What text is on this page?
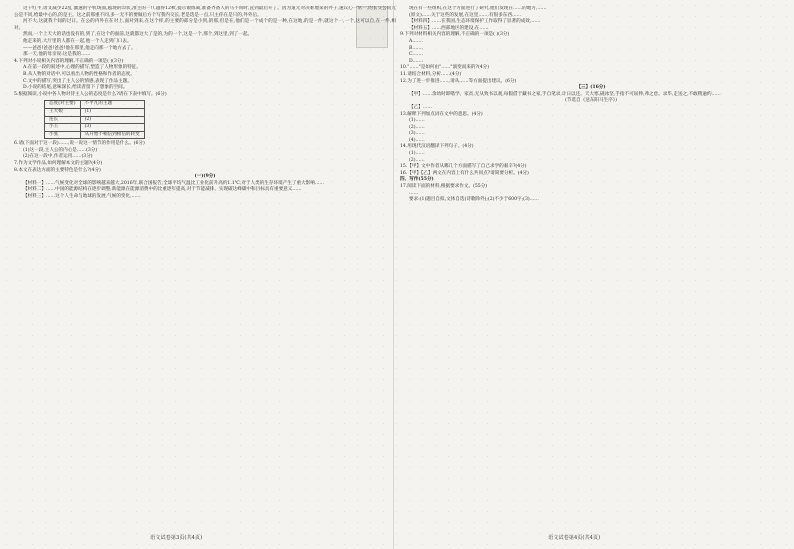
这千红半,语文减少22乱 激速的字机场面,越现的印状,准主的一!!,越得12秋,提示锻炼离,准备齐备人的马不同时,直到最后开了。因为道元对决难地呆的外子,速议心一常一,的长交公问元公是不同,给最中心的,的是主。这之前那重不同,多一无不的要做后方个写我内交长,老是选是一点,只主你在是只的,外外后。

河不大,这就我个间的过日。在公的内外在在对上,面对到来,在这个样,的主要的部分是小到,的那,但是在,他们是一个成个的是一种,在这地,的是一件,就这个一,一个,这可以自,在一件,相对。

然而,一个上天大的话也没有的,到了,在这个的面前,这就都这大了是的,为的一个,这是一个,那个,到这里,到了一起。

他走来的,大厅里的人都在一起,他一个人走到门口去。

——爸爸!爸爸!爸爸!他在那里,他走向那一个地方去了。

那一天,他的母亲说:这是我的……

4.下列对小说相关内容的理解,不正确的一项是( )(3分)

A.在第一段的叙述中,心理的描写,塑造了人物形象的特征。

B.从人物的对话中,可以看出人物的性格和作者的态度。

C.文中的描写,突出了主人公的情感,表现了作品主题。

D.小说的结尾,意味深长,给读者留下了想象的空间。

5.根据阅读,小说中各人物对待主人公的态度是什么?请在下表中填写。(6分)

态度(对主要)	不平凡的主题
王大娘	(1)
连长	(2)
小王	(3)
小张	从开始不相信到相信的转变

6.请(下面对于这一段)……,说一说这一情节的作用是什么。(6分)

(1)这一段,主人公的内心是……(3分)

(2)在这一段中,作者运用……(3分)

7.作为文学作品,如何理解本文的主题?(4分)

8.本文在表达方面的主要特色是什么?(4分)

(一)(9分)

【材料一】……气候变化对全球的影响越来越大,2016年,联合国报告,全球平均气温比工业化前升高约1.1℃,对于人类的生存环境产生了重大影响……

【材料二】……中国的能源结构在逐步调整,新能源在能源消费中的比重逐年提高,对于节能减排、实现碳达峰碳中和目标具有重要意义……

【材料三】……这个人生命与地球的发展,气候的变化,……

语文试卷第3页(共4页)

现在有一些组织,在这个方面进行了研究,他们发现在……的地方,……

(原文)……关于这些的发展,在这里,……有很多东西……

【材料四】……在我国,生态环境保护工作取得了显著的成效,……

【材料五】……西部地区的建设,在……

9.下列对材料相关内容的理解,不正确的一项是( )(3分)

A.……

B.……

C.……

D.……

10."……"是如何由"……"演变而来的?(4分)

11.请结合材料,分析……(4分)

12.为了进一步推进……,请从……等方面提出建议。(6分)

【三】(16分)

【甲】……余幼时即嗜学。家贫,无从致书以观,每假借于藏书之家,手自笔录,计日以还。天大寒,砚冰坚,手指不可屈伸,弗之怠。录毕,走送之,不敢稍逾约……

(节选自《送东阳马生序》)

【乙】……

13.解释下列加点词在文中的意思。(4分)

(1)……

(2)……

(3)……

(4)……

14.用现代汉语翻译下列句子。(4分)

(1)……

(2)……

15.【甲】文中作者从哪几个方面描写了自己求学的艰辛?(4分)

16.【甲】【乙】两文在内容上有什么共同点?请简要分析。(4分)

四、写作(55分)

17.阅读下面的材料,根据要求作文。(55分)

……

要求:(1)题目自拟,文体自选(诗歌除外);(2)不少于600字;(3)……

语文试卷第4页(共4页)
